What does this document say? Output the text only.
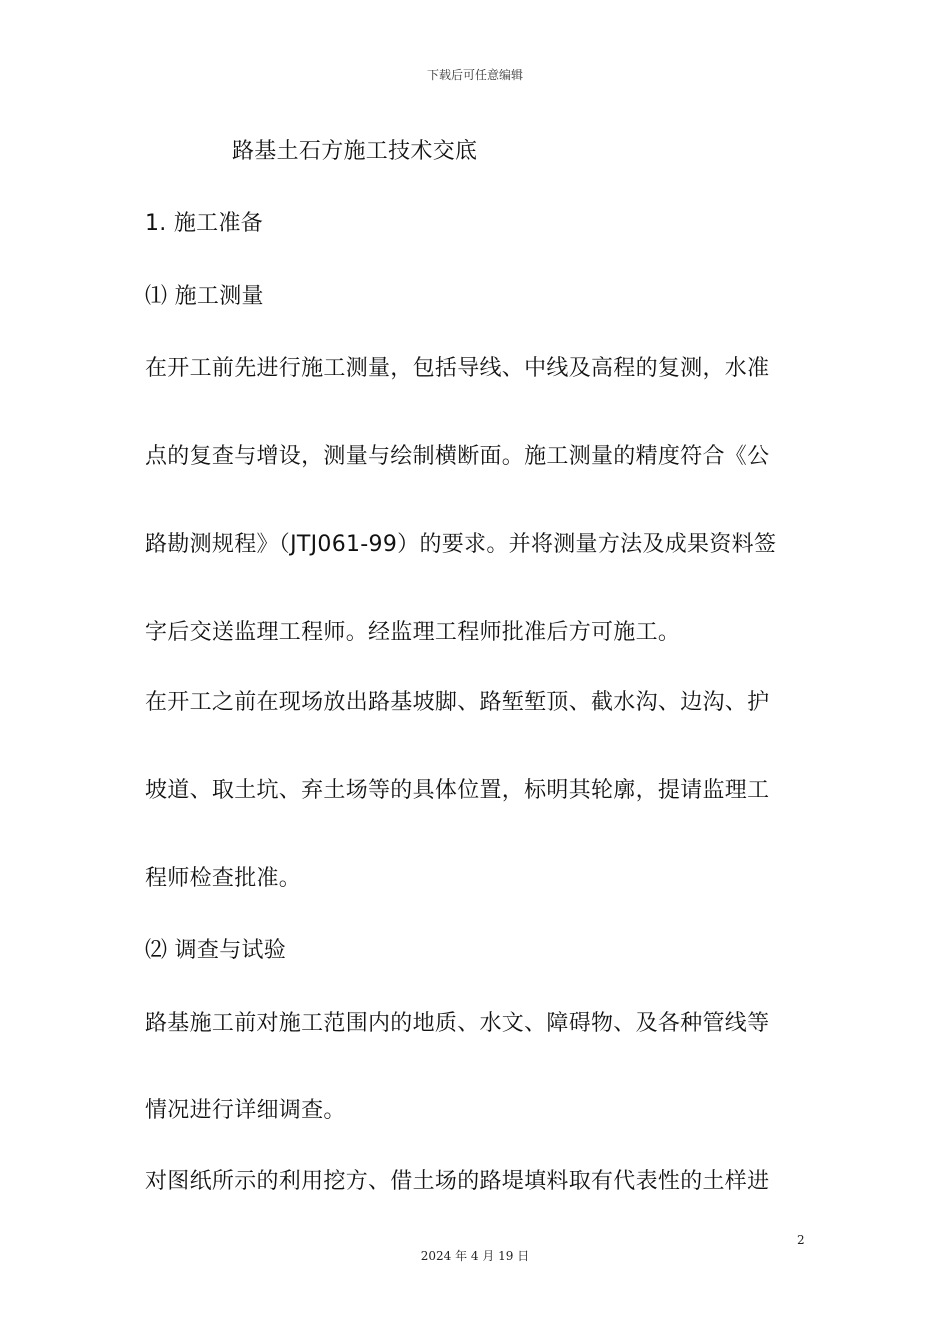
下载后可任意编辑
路基土石方施工技术交底
1. 施工准备
⑴ 施工测量
在开工前先进行施工测量，包括导线、中线及高程的复测，水准
点的复查与增设，测量与绘制横断面。施工测量的精度符合《公
路勘测规程》（JTJ061-99）的要求。并将测量方法及成果资料签
字后交送监理工程师。经监理工程师批准后方可施工。
在开工之前在现场放出路基坡脚、路堑堑顶、截水沟、边沟、护
坡道、取土坑、弃土场等的具体位置，标明其轮廓，提请监理工
程师检查批准。
⑵ 调查与试验
路基施工前对施工范围内的地质、水文、障碍物、及各种管线等
情况进行详细调查。
对图纸所示的利用挖方、借土场的路堤填料取有代表性的土样进
2
2024 年 4 月 19 日
